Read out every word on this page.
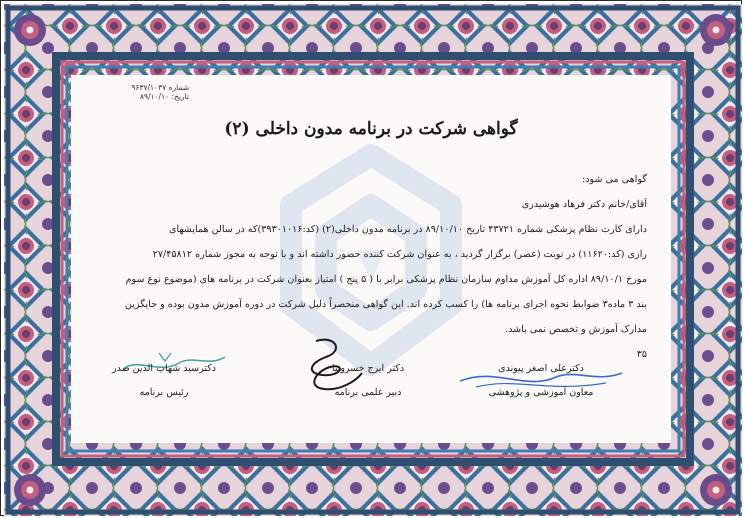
شماره ۹۶۳۷/۱۰۳۷
تاریخ: ۸۹/۱۰/۱۰
گواهی شرکت در برنامه مدون داخلی (۲)
گواهی می شود:
آقای/خانم دکتر فرهاد هوشیدری
دارای کارت نظام پزشکی شماره ۴۳۷۲۱ تاریخ ۸۹/۱۰/۱۰ در برنامه مدون داخلی(۲) (کد:۳۹۳۰۱۰۱۶)که در سالن همایشهای
رازی (کد:۱۱۶۲۰) در نوبت (عصر) برگزار گردید ، به عنوان شرکت کننده حضور داشته اند و با توجه به مجوز شماره ۲۷/۴۵۸۱۲
مورخ ۸۹/۱۰/۱ اداره کل آموزش مداوم سازمان نظام پزشکی برابر با ( ۵ پنج ) امتیاز بعنوان شرکت در برنامه های (موضوع نوع سوم
بند ۳ ماده۳ ضوابط نحوه اجرای برنامه ها) را کسب کرده اند. این گواهی منحصراً دلیل شرکت در دوره آموزش مدون بوده و جایگزین
مدارک آموزش و تخصص نمی باشد.
۳۵
دکترعلی اصغر پیوندی
معاون آموزشی و پژوهشی
دکتر ایرج خسرونیا
دبیر علمی برنامه
دکترسید شهاب الدین صدر
رئیس برنامه
